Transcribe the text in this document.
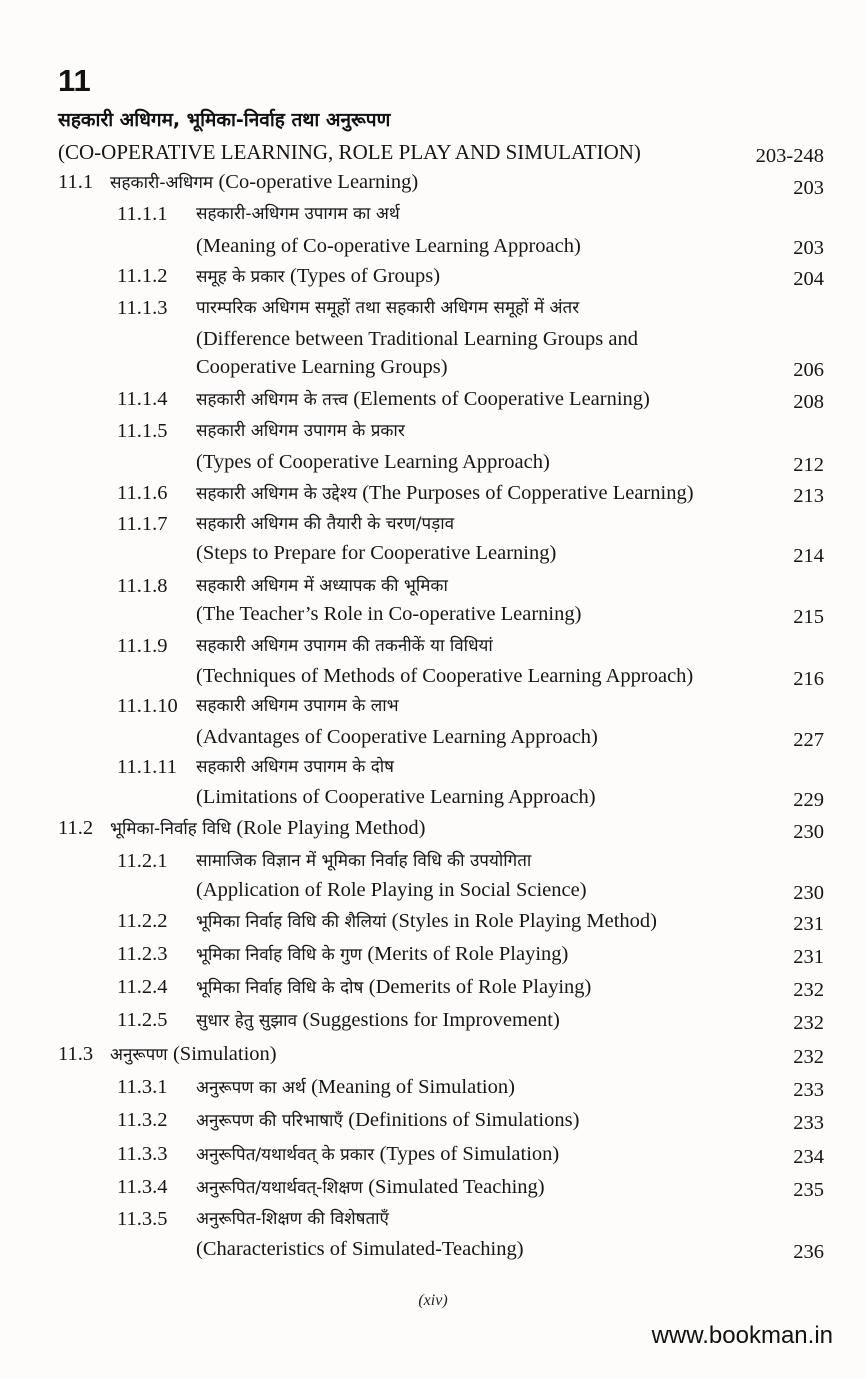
11
सहकारी अधिगम, भूमिका-निर्वाह तथा अनुरूपण
(CO-OPERATIVE LEARNING, ROLE PLAY AND SIMULATION)	203-248
11.1 सहकारी-अधिगम (Co-operative Learning)	203
11.1.1 सहकारी-अधिगम उपागम का अर्थ
(Meaning of Co-operative Learning Approach)	203
11.1.2 समूह के प्रकार (Types of Groups)	204
11.1.3 पारम्परिक अधिगम समूहों तथा सहकारी अधिगम समूहों में अंतर
(Difference between Traditional Learning Groups and
Cooperative Learning Groups)	206
11.1.4 सहकारी अधिगम के तत्त्व (Elements of Cooperative Learning)	208
11.1.5 सहकारी अधिगम उपागम के प्रकार
(Types of Cooperative Learning Approach)	212
11.1.6 सहकारी अधिगम के उद्देश्य (The Purposes of Copperative Learning)	213
11.1.7 सहकारी अधिगम की तैयारी के चरण/पड़ाव
(Steps to Prepare for Cooperative Learning)	214
11.1.8 सहकारी अधिगम में अध्यापक की भूमिका
(The Teacher’s Role in Co-operative Learning)	215
11.1.9 सहकारी अधिगम उपागम की तकनीकें या विधियां
(Techniques of Methods of Cooperative Learning Approach)	216
11.1.10 सहकारी अधिगम उपागम के लाभ
(Advantages of Cooperative Learning Approach)	227
11.1.11 सहकारी अधिगम उपागम के दोष
(Limitations of Cooperative Learning Approach)	229
11.2 भूमिका-निर्वाह विधि (Role Playing Method)	230
11.2.1 सामाजिक विज्ञान में भूमिका निर्वाह विधि की उपयोगिता
(Application of Role Playing in Social Science)	230
11.2.2 भूमिका निर्वाह विधि की शैलियां (Styles in Role Playing Method)	231
11.2.3 भूमिका निर्वाह विधि के गुण (Merits of Role Playing)	231
11.2.4 भूमिका निर्वाह विधि के दोष (Demerits of Role Playing)	232
11.2.5 सुधार हेतु सुझाव (Suggestions for Improvement)	232
11.3 अनुरूपण (Simulation)	232
11.3.1 अनुरूपण का अर्थ (Meaning of Simulation)	233
11.3.2 अनुरूपण की परिभाषाएँ (Definitions of Simulations)	233
11.3.3 अनुरूपित/यथार्थवत् के प्रकार (Types of Simulation)	234
11.3.4 अनुरूपित/यथार्थवत्-शिक्षण (Simulated Teaching)	235
11.3.5 अनुरूपित-शिक्षण की विशेषताएँ
(Characteristics of Simulated-Teaching)	236
(xiv)
www.bookman.in
